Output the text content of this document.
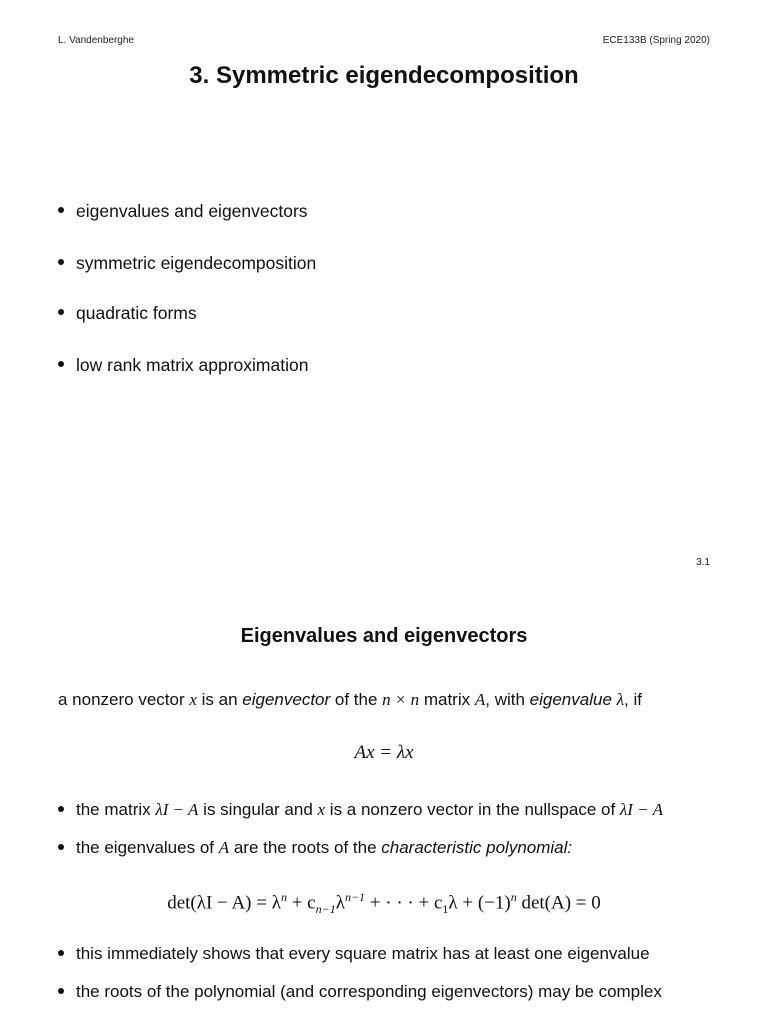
L. Vandenberghe	ECE133B (Spring 2020)
3. Symmetric eigendecomposition
eigenvalues and eigenvectors
symmetric eigendecomposition
quadratic forms
low rank matrix approximation
3.1
Eigenvalues and eigenvectors
a nonzero vector x is an eigenvector of the n × n matrix A, with eigenvalue λ, if
Ax = λx
the matrix λI − A is singular and x is a nonzero vector in the nullspace of λI − A
the eigenvalues of A are the roots of the characteristic polynomial:
$\det(\lambda I - A) = \lambda^n + c_{n-1}\lambda^{n-1}$ + · · · + $c_1\lambda + (-1)^n$ det(A) = 0
this immediately shows that every square matrix has at least one eigenvalue
the roots of the polynomial (and corresponding eigenvectors) may be complex
